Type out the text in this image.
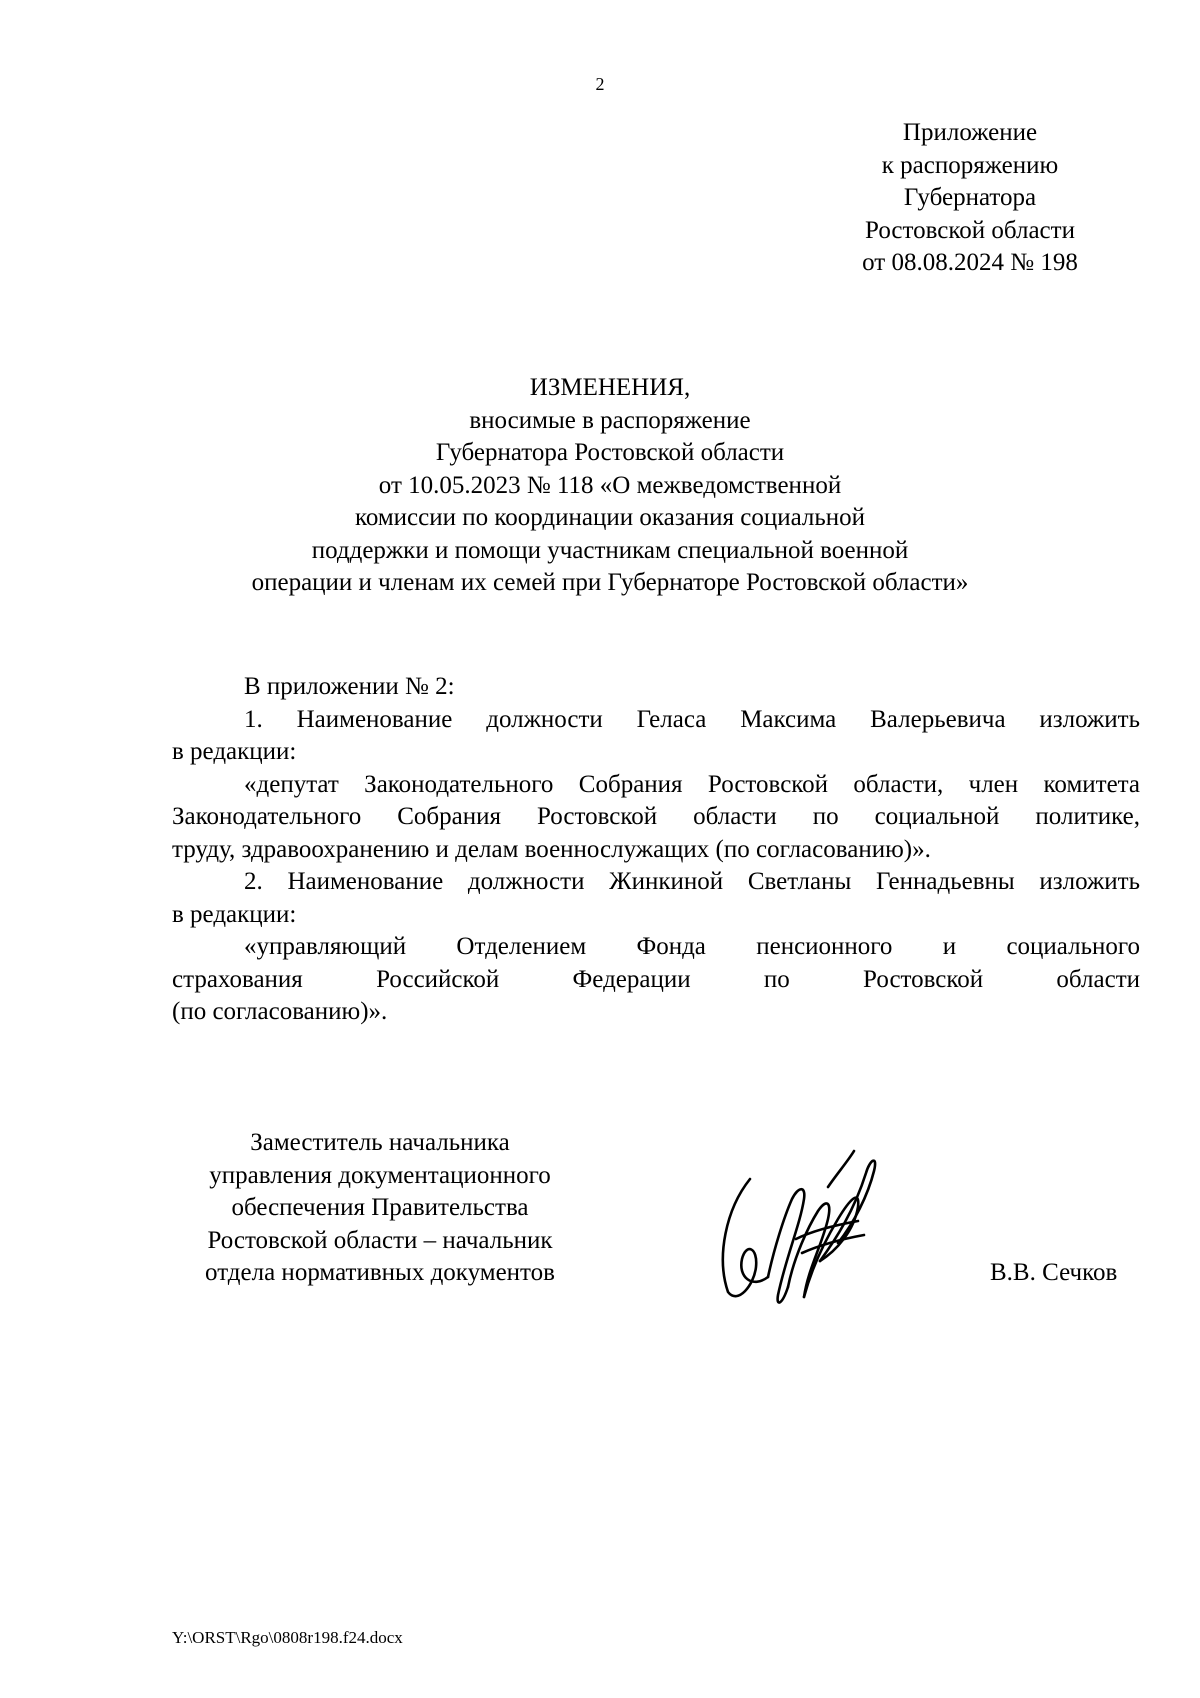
2
Приложение
к распоряжению
Губернатора
Ростовской области
от 08.08.2024 № 198
ИЗМЕНЕНИЯ,
вносимые в распоряжение
Губернатора Ростовской области
от 10.05.2023 № 118 «О межведомственной
комиссии по координации оказания социальной
поддержки и помощи участникам специальной военной
операции и членам их семей при Губернаторе Ростовской области»
В приложении № 2:
1. Наименование должности Геласа Максима Валерьевича изложить
в редакции:
«депутат Законодательного Собрания Ростовской области, член комитета
Законодательного Собрания Ростовской области по социальной политике,
труду, здравоохранению и делам военнослужащих (по согласованию)».
2. Наименование должности Жинкиной Светланы Геннадьевны изложить
в редакции:
«управляющий Отделением Фонда пенсионного и социального
страхования Российской Федерации по Ростовской области
(по согласованию)».
Заместитель начальника
управления документационного
обеспечения Правительства
Ростовской области – начальник
отдела нормативных документов	В.В. Сечков
Y:\ORST\Rgo\0808r198.f24.docx
